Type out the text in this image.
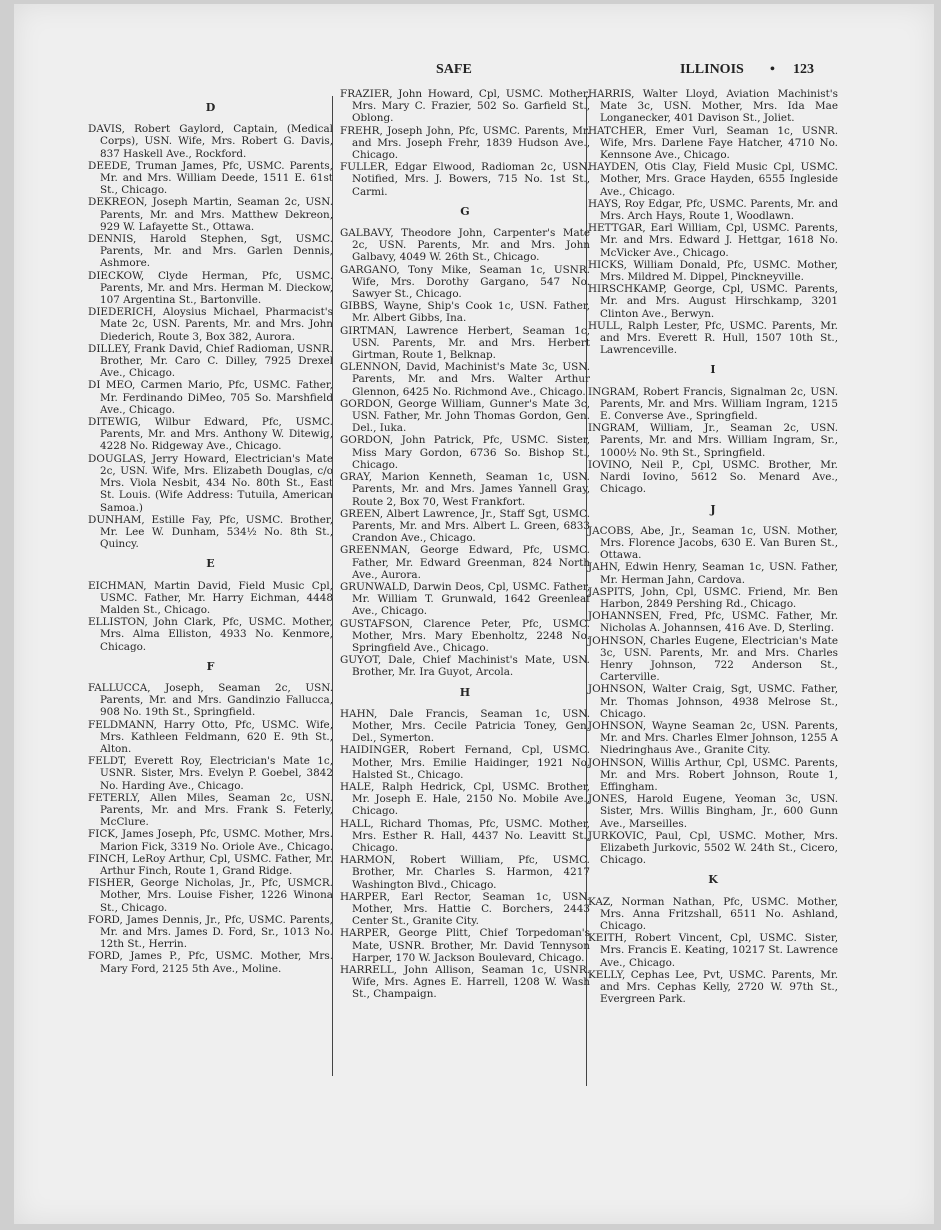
SAFE	ILLINOIS • 123
D
DAVIS, Robert Gaylord, Captain, (Medical Corps), USN. Wife, Mrs. Robert G. Davis, 837 Haskell Ave., Rockford.
DEEDE, Truman James, Pfc, USMC. Parents, Mr. and Mrs. William Deede, 1511 E. 61st St., Chicago.
DEKREON, Joseph Martin, Seaman 2c, USN. Parents, Mr. and Mrs. Matthew Dekreon, 929 W. Lafayette St., Ottawa.
DENNIS, Harold Stephen, Sgt, USMC. Parents, Mr. and Mrs. Garlen Dennis, Ashmore.
DIECKOW, Clyde Herman, Pfc, USMC. Parents, Mr. and Mrs. Herman M. Dieckow, 107 Argentina St., Bartonville.
DIEDERICH, Aloysius Michael, Pharmacist's Mate 2c, USN. Parents, Mr. and Mrs. John Diederich, Route 3, Box 382, Aurora.
DILLEY, Frank David, Chief Radioman, USNR. Brother, Mr. Caro C. Dilley, 7925 Drexel Ave., Chicago.
DI MEO, Carmen Mario, Pfc, USMC. Father, Mr. Ferdinando DiMeo, 705 So. Marshfield Ave., Chicago.
DITEWIG, Wilbur Edward, Pfc, USMC. Parents, Mr. and Mrs. Anthony W. Ditewig, 4228 No. Ridgeway Ave., Chicago.
DOUGLAS, Jerry Howard, Electrician's Mate 2c, USN. Wife, Mrs. Elizabeth Douglas, c/o Mrs. Viola Nesbit, 434 No. 80th St., East St. Louis. (Wife Address: Tutuila, American Samoa.)
DUNHAM, Estille Fay, Pfc, USMC. Brother, Mr. Lee W. Dunham, 534½ No. 8th St., Quincy.
E
EICHMAN, Martin David, Field Music Cpl, USMC. Father, Mr. Harry Eichman, 4448 Malden St., Chicago.
ELLISTON, John Clark, Pfc, USMC. Mother, Mrs. Alma Elliston, 4933 No. Kenmore, Chicago.
F
FALLUCCA, Joseph, Seaman 2c, USN. Parents, Mr. and Mrs. Gandinzio Fallucca, 908 No. 19th St., Springfield.
FELDMANN, Harry Otto, Pfc, USMC. Wife, Mrs. Kathleen Feldmann, 620 E. 9th St., Alton.
FELDT, Everett Roy, Electrician's Mate 1c, USNR. Sister, Mrs. Evelyn P. Goebel, 3842 No. Harding Ave., Chicago.
FETERLY, Allen Miles, Seaman 2c, USN. Parents, Mr. and Mrs. Frank S. Feterly, McClure.
FICK, James Joseph, Pfc, USMC. Mother, Mrs. Marion Fick, 3319 No. Oriole Ave., Chicago.
FINCH, LeRoy Arthur, Cpl, USMC. Father, Mr. Arthur Finch, Route 1, Grand Ridge.
FISHER, George Nicholas, Jr., Pfc, USMCR. Mother, Mrs. Louise Fisher, 1226 Winona St., Chicago.
FORD, James Dennis, Jr., Pfc, USMC. Parents, Mr. and Mrs. James D. Ford, Sr., 1013 No. 12th St., Herrin.
FORD, James P., Pfc, USMC. Mother, Mrs. Mary Ford, 2125 5th Ave., Moline.
FRAZIER, John Howard, Cpl, USMC. Mother, Mrs. Mary C. Frazier, 502 So. Garfield St., Oblong.
FREHR, Joseph John, Pfc, USMC. Parents, Mr. and Mrs. Joseph Frehr, 1839 Hudson Ave., Chicago.
FULLER, Edgar Elwood, Radioman 2c, USN. Notified, Mrs. J. Bowers, 715 No. 1st St., Carmi.
G
GALBAVY, Theodore John, Carpenter's Mate 2c, USN. Parents, Mr. and Mrs. John Galbavy, 4049 W. 26th St., Chicago.
GARGANO, Tony Mike, Seaman 1c, USNR. Wife, Mrs. Dorothy Gargano, 547 No. Sawyer St., Chicago.
GIBBS, Wayne, Ship's Cook 1c, USN. Father, Mr. Albert Gibbs, Ina.
GIRTMAN, Lawrence Herbert, Seaman 1c, USN. Parents, Mr. and Mrs. Herbert Girtman, Route 1, Belknap.
GLENNON, David, Machinist's Mate 3c, USN. Parents, Mr. and Mrs. Walter Arthur Glennon, 6425 No. Richmond Ave., Chicago.
GORDON, George William, Gunner's Mate 3c, USN. Father, Mr. John Thomas Gordon, Gen. Del., Iuka.
GORDON, John Patrick, Pfc, USMC. Sister, Miss Mary Gordon, 6736 So. Bishop St., Chicago.
GRAY, Marion Kenneth, Seaman 1c, USN. Parents, Mr. and Mrs. James Yannell Gray, Route 2, Box 70, West Frankfort.
GREEN, Albert Lawrence, Jr., Staff Sgt, USMC. Parents, Mr. and Mrs. Albert L. Green, 6833 Crandon Ave., Chicago.
GREENMAN, George Edward, Pfc, USMC. Father, Mr. Edward Greenman, 824 North Ave., Aurora.
GRUNWALD, Darwin Deos, Cpl, USMC. Father, Mr. William T. Grunwald, 1642 Greenleaf Ave., Chicago.
GUSTAFSON, Clarence Peter, Pfc, USMC. Mother, Mrs. Mary Ebenholtz, 2248 No. Springfield Ave., Chicago.
GUYOT, Dale, Chief Machinist's Mate, USN. Brother, Mr. Ira Guyot, Arcola.
H
HAHN, Dale Francis, Seaman 1c, USN. Mother, Mrs. Cecile Patricia Toney, Gen. Del., Symerton.
HAIDINGER, Robert Fernand, Cpl, USMC. Mother, Mrs. Emilie Haidinger, 1921 No. Halsted St., Chicago.
HALE, Ralph Hedrick, Cpl, USMC. Brother, Mr. Joseph E. Hale, 2150 No. Mobile Ave., Chicago.
HALL, Richard Thomas, Pfc, USMC. Mother, Mrs. Esther R. Hall, 4437 No. Leavitt St., Chicago.
HARMON, Robert William, Pfc, USMC. Brother, Mr. Charles S. Harmon, 4217 Washington Blvd., Chicago.
HARPER, Earl Rector, Seaman 1c, USN. Mother, Mrs. Hattie C. Borchers, 2443 Center St., Granite City.
HARPER, George Plitt, Chief Torpedoman's Mate, USNR. Brother, Mr. David Tennyson Harper, 170 W. Jackson Boulevard, Chicago.
HARRELL, John Allison, Seaman 1c, USNR. Wife, Mrs. Agnes E. Harrell, 1208 W. Wash St., Champaign.
HARRIS, Walter Lloyd, Aviation Machinist's Mate 3c, USN. Mother, Mrs. Ida Mae Longanecker, 401 Davison St., Joliet.
HATCHER, Emer Vurl, Seaman 1c, USNR. Wife, Mrs. Darlene Faye Hatcher, 4710 No. Kennsone Ave., Chicago.
HAYDEN, Otis Clay, Field Music Cpl, USMC. Mother, Mrs. Grace Hayden, 6555 Ingleside Ave., Chicago.
HAYS, Roy Edgar, Pfc, USMC. Parents, Mr. and Mrs. Arch Hays, Route 1, Woodlawn.
HETTGAR, Earl William, Cpl, USMC. Parents, Mr. and Mrs. Edward J. Hettgar, 1618 No. McVicker Ave., Chicago.
HICKS, William Donald, Pfc, USMC. Mother, Mrs. Mildred M. Dippel, Pinckneyville.
HIRSCHKAMP, George, Cpl, USMC. Parents, Mr. and Mrs. August Hirschkamp, 3201 Clinton Ave., Berwyn.
HULL, Ralph Lester, Pfc, USMC. Parents, Mr. and Mrs. Everett R. Hull, 1507 10th St., Lawrenceville.
I
INGRAM, Robert Francis, Signalman 2c, USN. Parents, Mr. and Mrs. William Ingram, 1215 E. Converse Ave., Springfield.
INGRAM, William, Jr., Seaman 2c, USN. Parents, Mr. and Mrs. William Ingram, Sr., 1000½ No. 9th St., Springfield.
IOVINO, Neil P., Cpl, USMC. Brother, Mr. Nardi Iovino, 5612 So. Menard Ave., Chicago.
J
JACOBS, Abe, Jr., Seaman 1c, USN. Mother, Mrs. Florence Jacobs, 630 E. Van Buren St., Ottawa.
JAHN, Edwin Henry, Seaman 1c, USN. Father, Mr. Herman Jahn, Cardova.
JASPITS, John, Cpl, USMC. Friend, Mr. Ben Harbon, 2849 Pershing Rd., Chicago.
JOHANNSEN, Fred, Pfc, USMC. Father, Mr. Nicholas A. Johannsen, 416 Ave. D, Sterling.
JOHNSON, Charles Eugene, Electrician's Mate 3c, USN. Parents, Mr. and Mrs. Charles Henry Johnson, 722 Anderson St., Carterville.
JOHNSON, Walter Craig, Sgt, USMC. Father, Mr. Thomas Johnson, 4938 Melrose St., Chicago.
JOHNSON, Wayne Seaman 2c, USN. Parents, Mr. and Mrs. Charles Elmer Johnson, 1255 A Niedringhaus Ave., Granite City.
JOHNSON, Willis Arthur, Cpl, USMC. Parents, Mr. and Mrs. Robert Johnson, Route 1, Effingham.
JONES, Harold Eugene, Yeoman 3c, USN. Sister, Mrs. Willis Bingham, Jr., 600 Gunn Ave., Marseilles.
JURKOVIC, Paul, Cpl, USMC. Mother, Mrs. Elizabeth Jurkovic, 5502 W. 24th St., Cicero, Chicago.
K
KAZ, Norman Nathan, Pfc, USMC. Mother, Mrs. Anna Fritzshall, 6511 No. Ashland, Chicago.
KEITH, Robert Vincent, Cpl, USMC. Sister, Mrs. Francis E. Keating, 10217 St. Lawrence Ave., Chicago.
KELLY, Cephas Lee, Pvt, USMC. Parents, Mr. and Mrs. Cephas Kelly, 2720 W. 97th St., Evergreen Park.
